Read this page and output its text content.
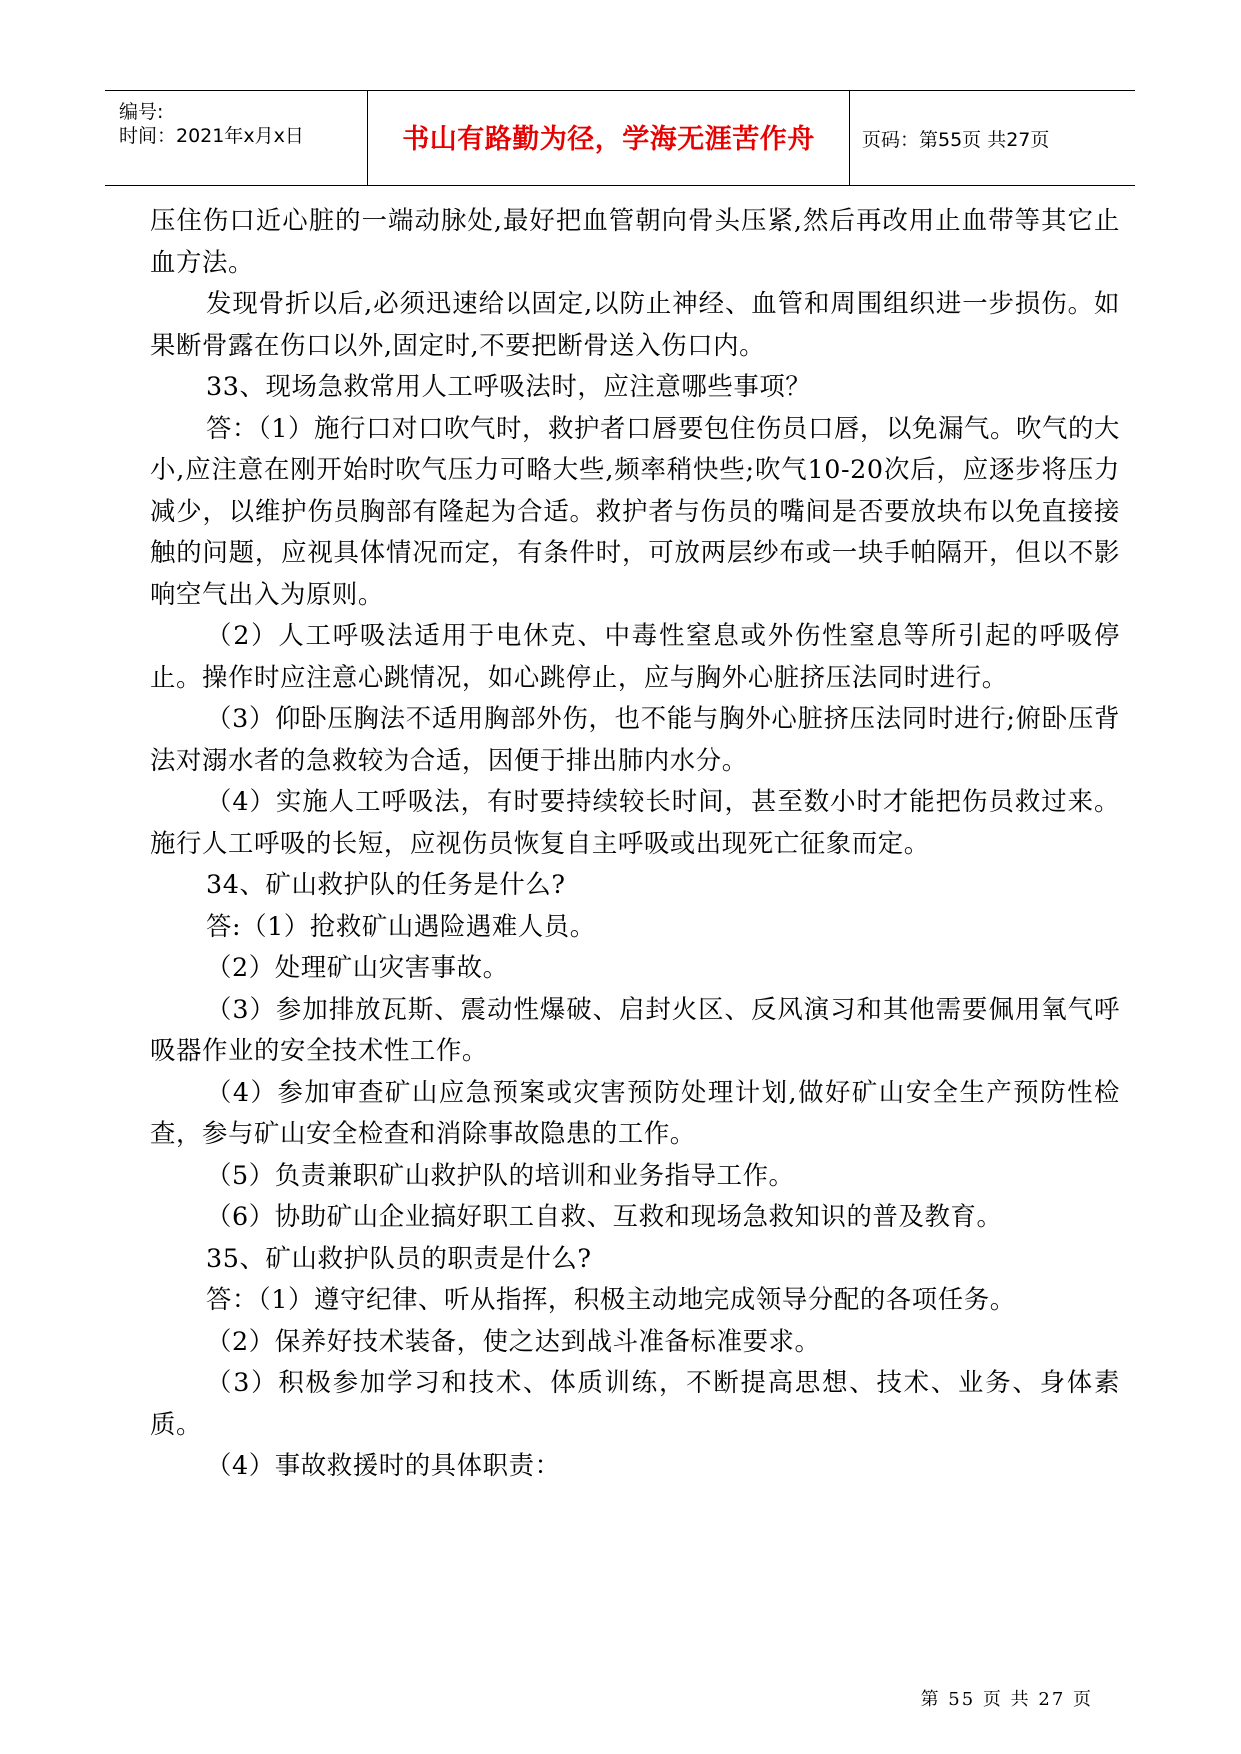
编号:
时间：2021年x月x日	书山有路勤为径，学海无涯苦作舟	页码：第55页 共27页

压住伤口近心脏的一端动脉处,最好把血管朝向骨头压紧,然后再改用止血带等其它止血方法。

发现骨折以后,必须迅速给以固定,以防止神经、血管和周围组织进一步损伤。如果断骨露在伤口以外,固定时,不要把断骨送入伤口内。

33、现场急救常用人工呼吸法时，应注意哪些事项？

答：（1）施行口对口吹气时，救护者口唇要包住伤员口唇，以免漏气。吹气的大小,应注意在刚开始时吹气压力可略大些,频率稍快些;吹气10-20次后，应逐步将压力减少，以维护伤员胸部有隆起为合适。救护者与伤员的嘴间是否要放块布以免直接接触的问题，应视具体情况而定，有条件时，可放两层纱布或一块手帕隔开，但以不影响空气出入为原则。

（2）人工呼吸法适用于电休克、中毒性窒息或外伤性窒息等所引起的呼吸停止。操作时应注意心跳情况，如心跳停止，应与胸外心脏挤压法同时进行。

（3）仰卧压胸法不适用胸部外伤，也不能与胸外心脏挤压法同时进行;俯卧压背法对溺水者的急救较为合适，因便于排出肺内水分。

（4）实施人工呼吸法，有时要持续较长时间，甚至数小时才能把伤员救过来。施行人工呼吸的长短，应视伤员恢复自主呼吸或出现死亡征象而定。

34、矿山救护队的任务是什么?

答:（1）抢救矿山遇险遇难人员。

（2）处理矿山灾害事故。

（3）参加排放瓦斯、震动性爆破、启封火区、反风演习和其他需要佩用氧气呼吸器作业的安全技术性工作。

（4）参加审查矿山应急预案或灾害预防处理计划,做好矿山安全生产预防性检查，参与矿山安全检查和消除事故隐患的工作。

（5）负责兼职矿山救护队的培训和业务指导工作。

（6）协助矿山企业搞好职工自救、互救和现场急救知识的普及教育。

35、矿山救护队员的职责是什么?

答：（1）遵守纪律、听从指挥，积极主动地完成领导分配的各项任务。

（2）保养好技术装备，使之达到战斗准备标准要求。

（3）积极参加学习和技术、体质训练，不断提高思想、技术、业务、身体素质。

（4）事故救援时的具体职责：

第 55 页 共 27 页
